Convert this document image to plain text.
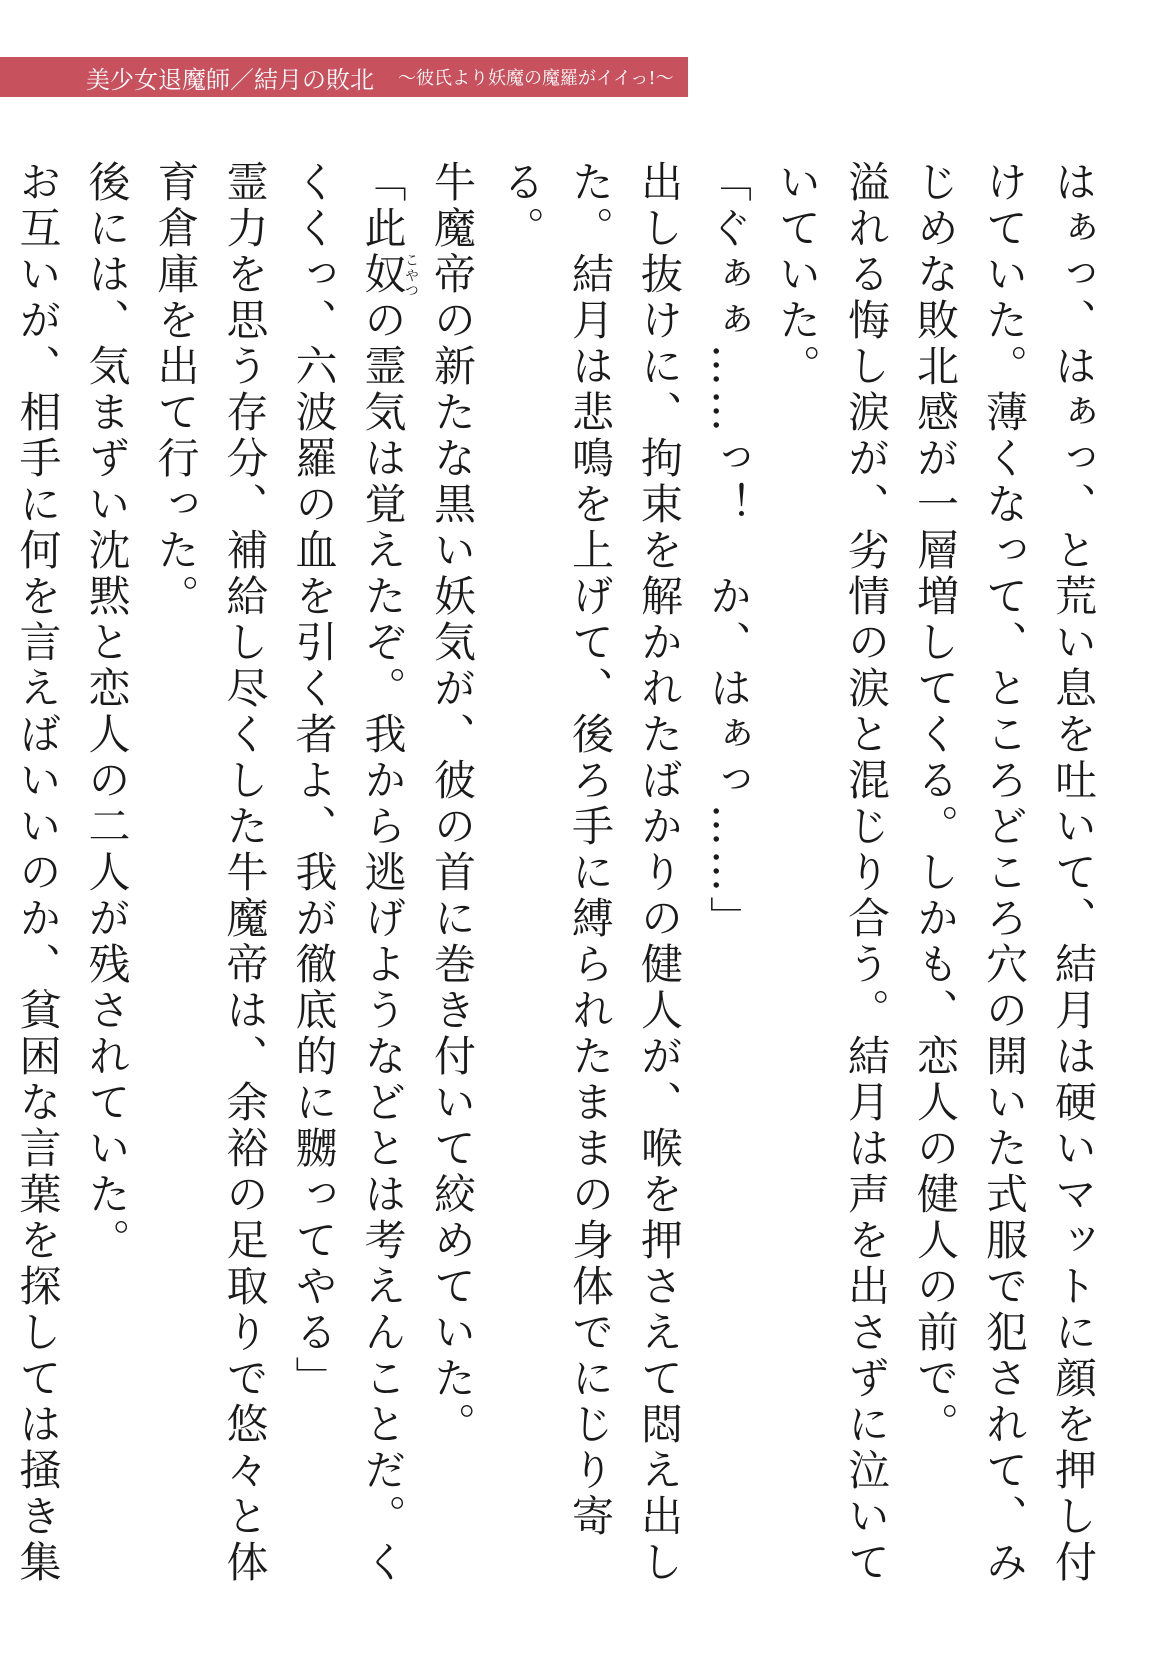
美少女退魔師／結月の敗北 ～彼氏より妖魔の魔羅がイイっ!～

はぁっ、はぁっ、と荒い息を吐いて、結月は硬いマットに顔を押し付けていた。薄くなって、ところどころ穴の開いた式服で犯されて、みじめな敗北感が一層増してくる。しかも、恋人の健人の前で。

溢れる悔し涙が、劣情の涙と混じり合う。結月は声を出さずに泣いていていた。

「ぐぁぁ……っ！　か、はぁっ……」

出し抜けに、拘束を解かれたばかりの健人が、喉を押さえて悶え出した。結月は悲鳴を上げて、後ろ手に縛られたままの身体でにじり寄る。

牛魔帝の新たな黒い妖気が、彼の首に巻き付いて絞めていた。

「此奴こやつの霊気は覚えたぞ。我から逃げようなどとは考えんことだ。くくくっ、六波羅の血を引く者よ、我が徹底的に嬲ってやる」

霊力を思う存分、補給し尽くした牛魔帝は、余裕の足取りで悠々と体育倉庫を出て行った。

後には、気まずい沈黙と恋人の二人が残されていた。

お互いが、相手に何を言えばいいのか、貧困な言葉を探しては掻き集
